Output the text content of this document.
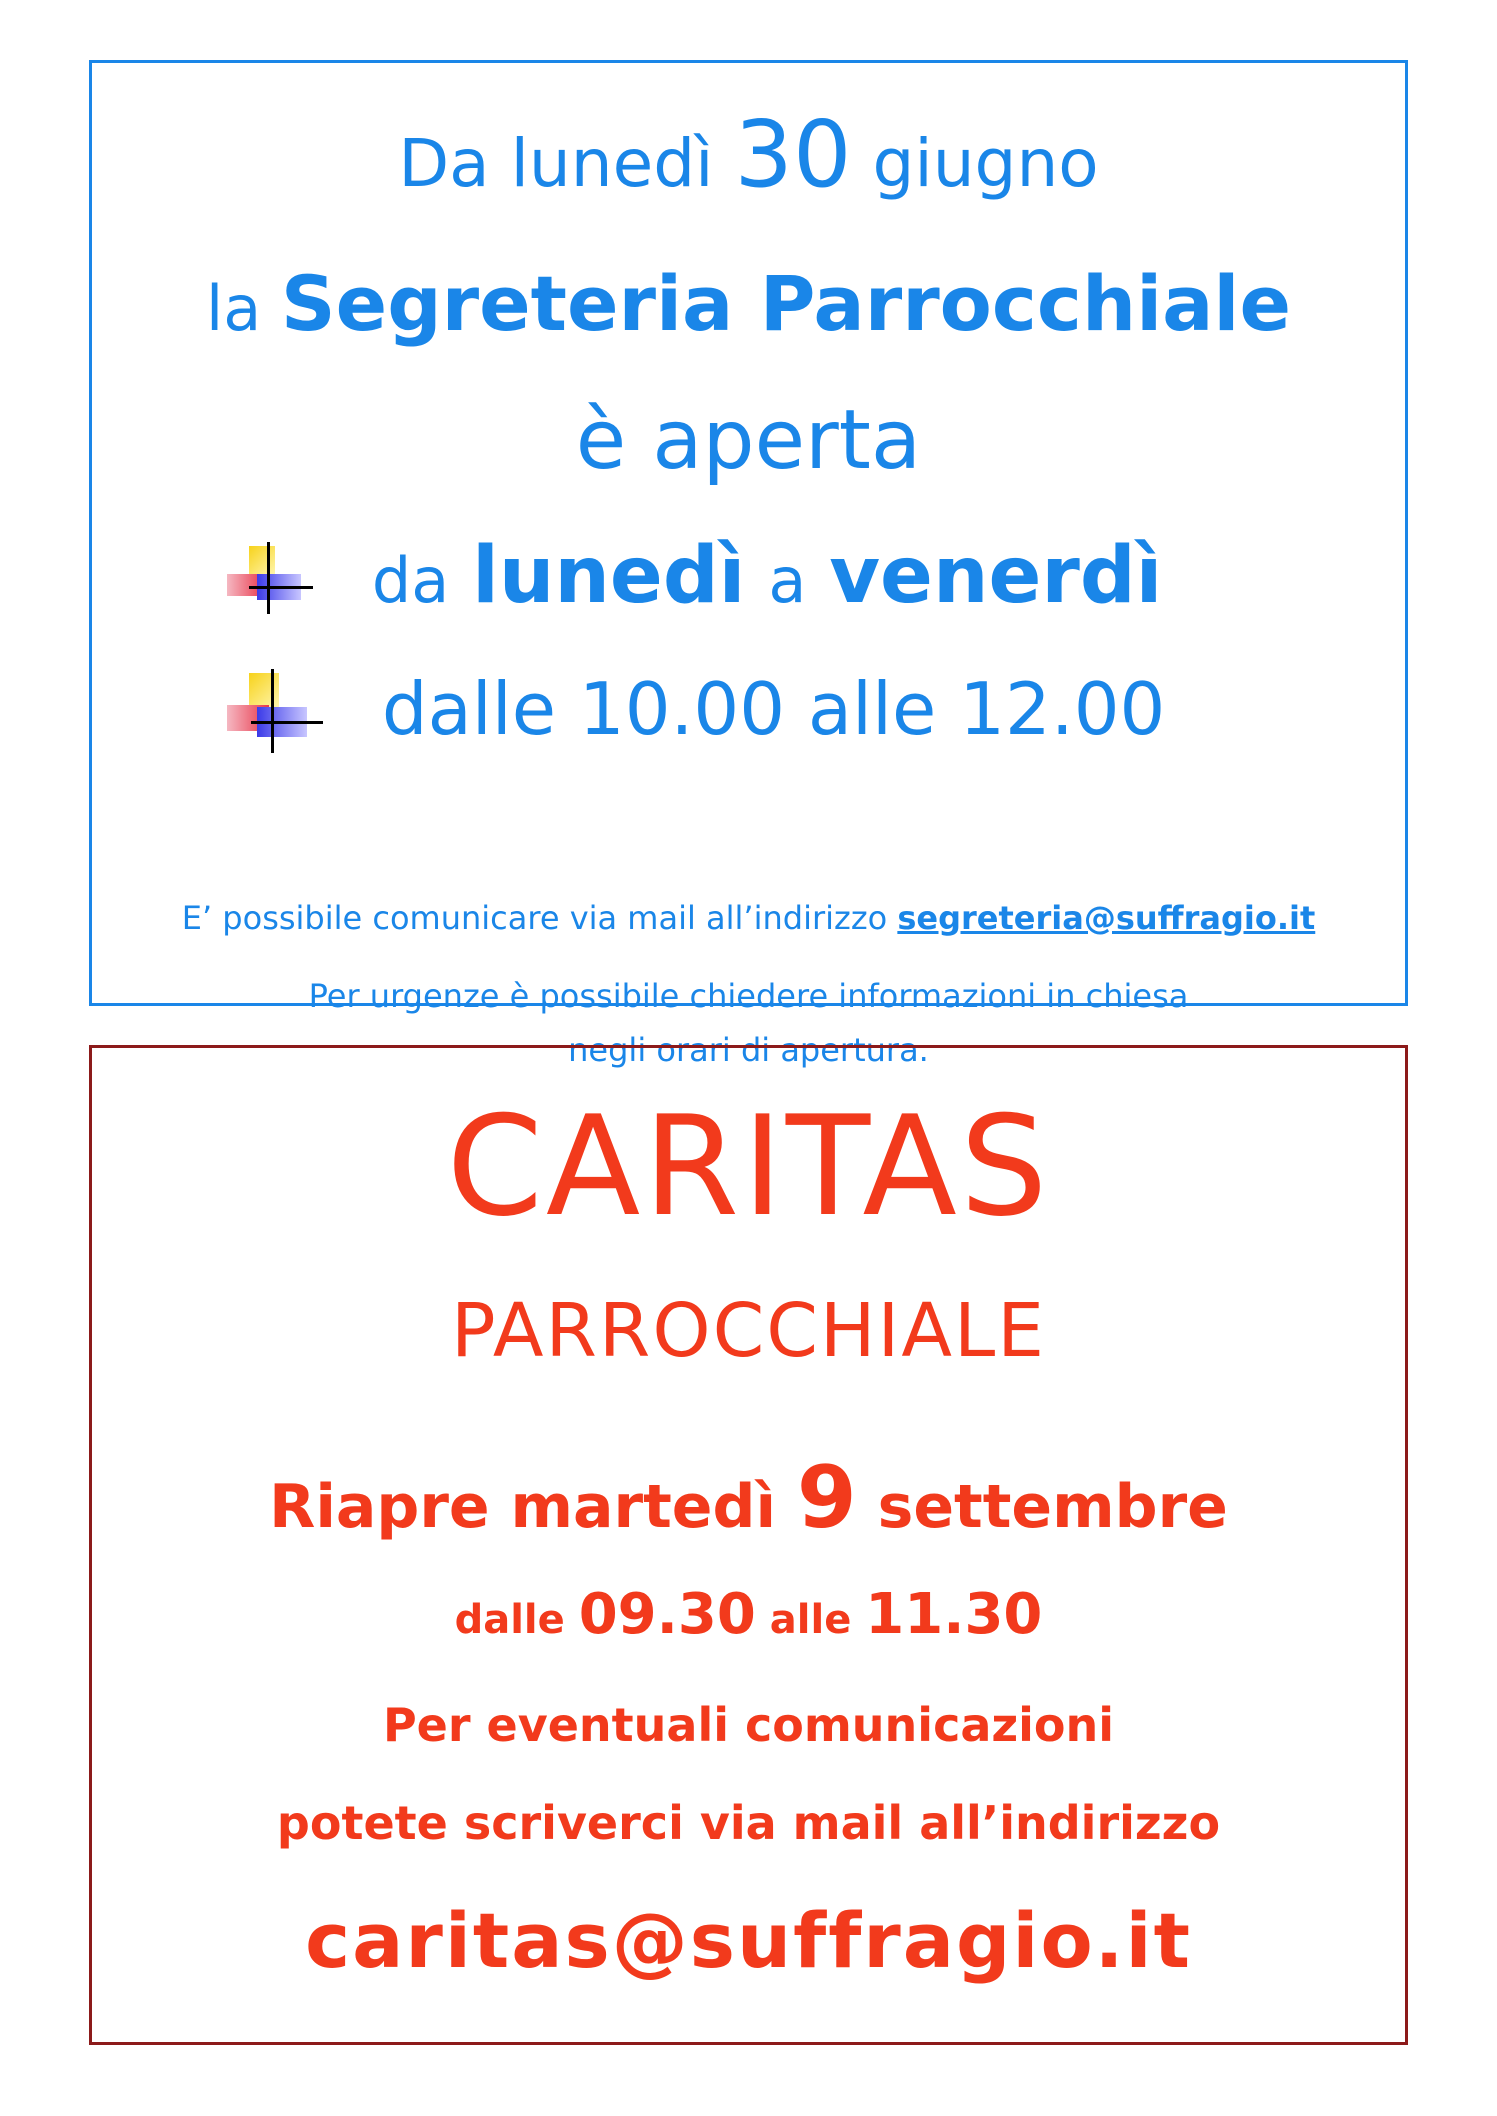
Da lunedì 30 giugno
la Segreteria Parrocchiale
è aperta
da lunedì a venerdì
dalle 10.00 alle 12.00
E’ possibile comunicare via mail all’indirizzo segreteria@suffragio.it
Per urgenze è possibile chiedere informazioni in chiesa
negli orari di apertura.
CARITAS
PARROCCHIALE
Riapre martedì 9 settembre
dalle 09.30 alle 11.30
Per eventuali comunicazioni
potete scriverci via mail all’indirizzo
caritas@suffragio.it
